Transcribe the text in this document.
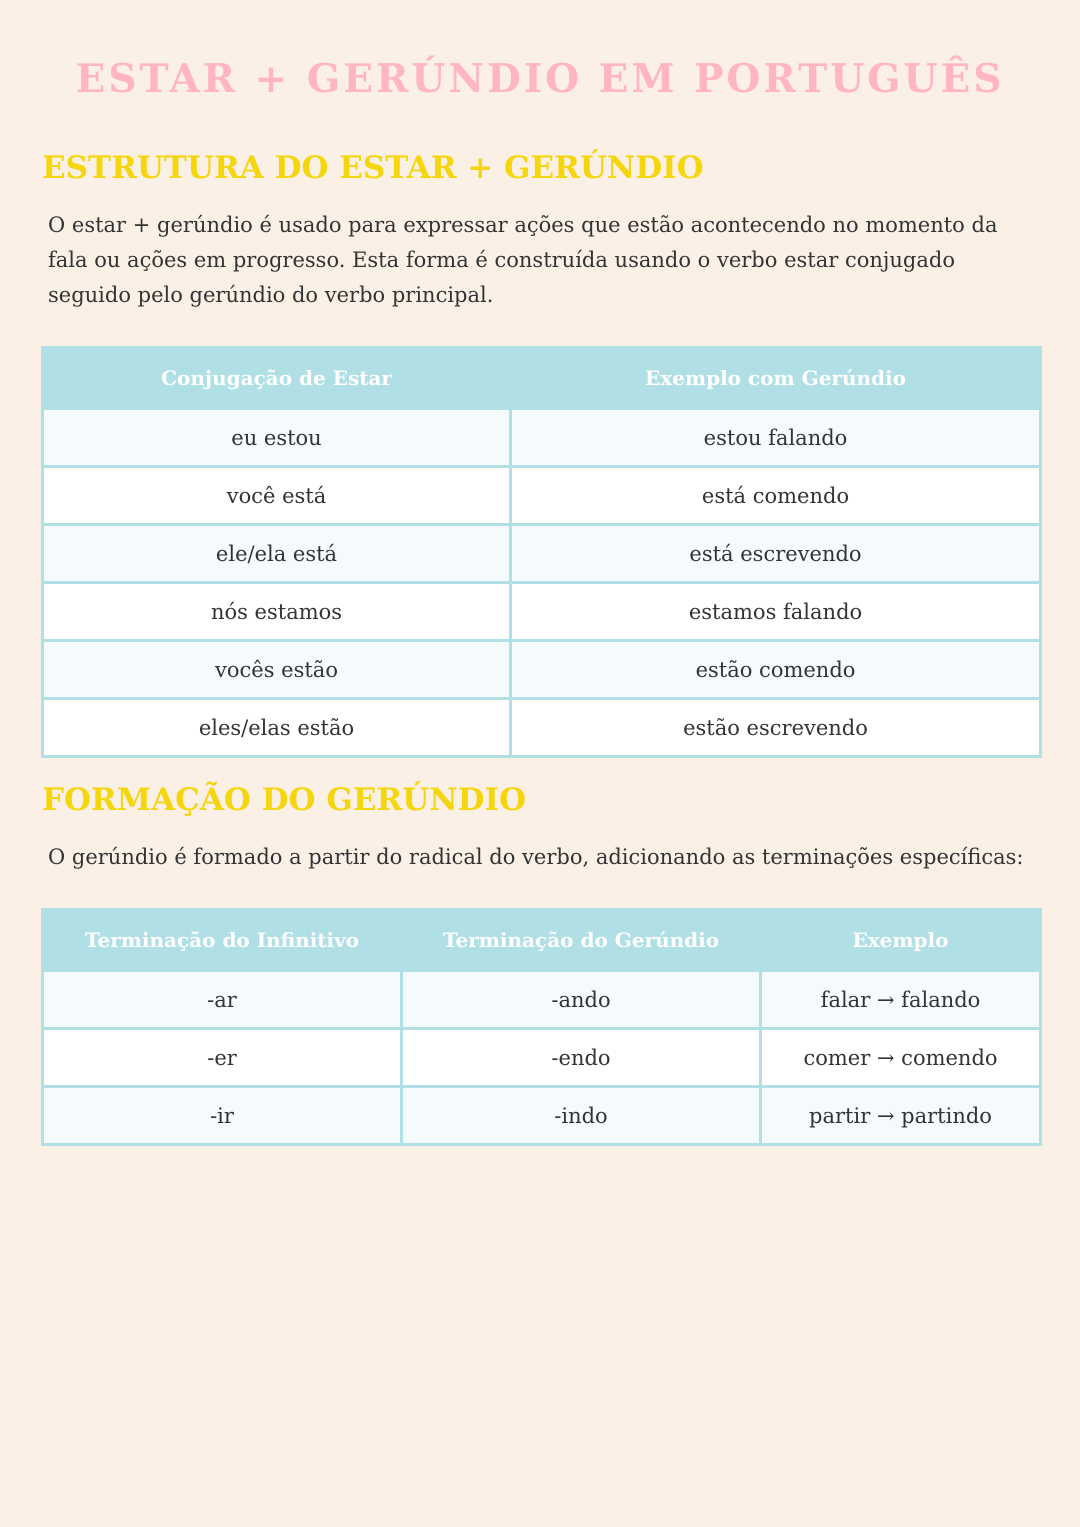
ESTAR + GERÚNDIO EM PORTUGUÊS
ESTRUTURA DO ESTAR + GERÚNDIO

O estar + gerúndio é usado para expressar ações que estão acontecendo no momento da fala ou ações em progresso. Esta forma é construída usando o verbo estar conjugado seguido pelo gerúndio do verbo principal.

Conjugação de Estar	Exemplo com Gerúndio
eu estou	estou falando
você está	está comendo
ele/ela está	está escrevendo
nós estamos	estamos falando
vocês estão	estão comendo
eles/elas estão	estão escrevendo
FORMAÇÃO DO GERÚNDIO

O gerúndio é formado a partir do radical do verbo, adicionando as terminações específicas:

Terminação do Infinitivo	Terminação do Gerúndio	Exemplo
-ar	-ando	falar → falando
-er	-endo	comer → comendo
-ir	-indo	partir → partindo
